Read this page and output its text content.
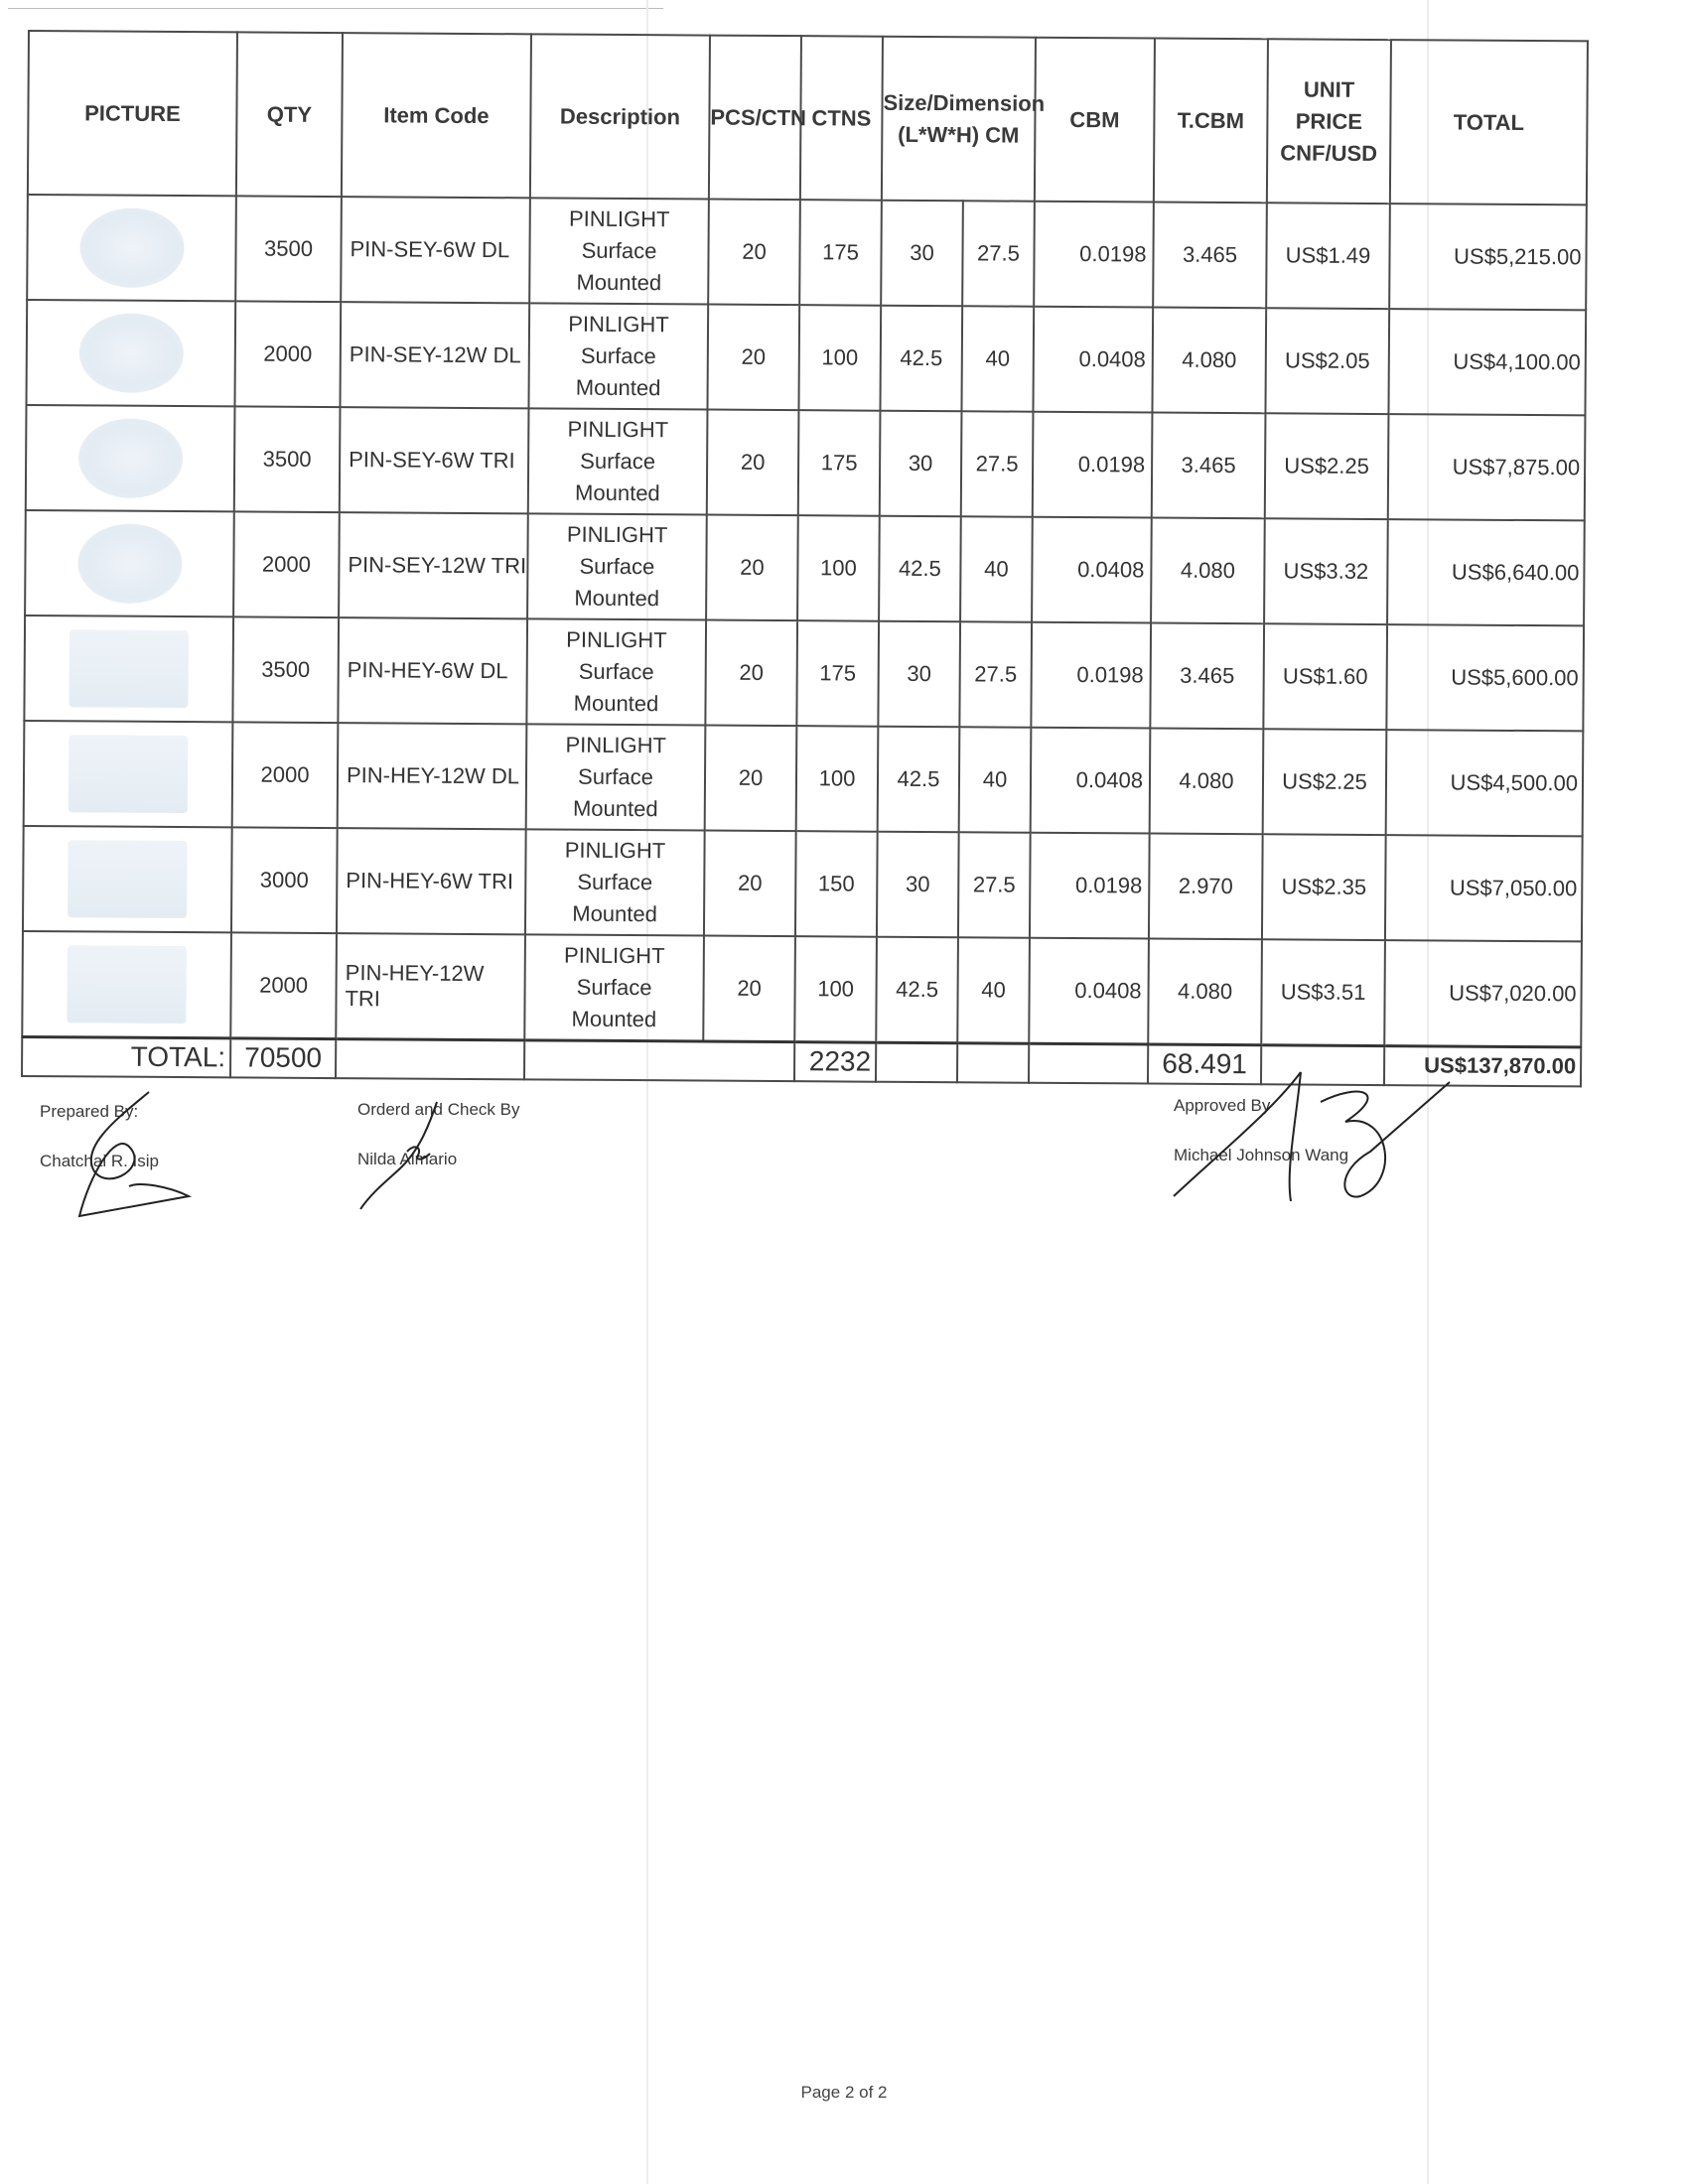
PICTURE	QTY	Item Code	Description	PCS/CTN	CTNS	Size/Dimension (L*W*H) CM		CBM	T.CBM	UNIT PRICE CNF/USD	TOTAL

	3500	PIN-SEY-6W DL	PINLIGHT
Surface
Mounted	20	175	30	27.5	0.0198	3.465	US$1.49	US$5,215.00

	2000	PIN-SEY-12W DL	PINLIGHT
Surface
Mounted	20	100	42.5	40	0.0408	4.080	US$2.05	US$4,100.00

	3500	PIN-SEY-6W TRI	PINLIGHT
Surface
Mounted	20	175	30	27.5	0.0198	3.465	US$2.25	US$7,875.00

	2000	PIN-SEY-12W TRI	PINLIGHT
Surface
Mounted	20	100	42.5	40	0.0408	4.080	US$3.32	US$6,640.00

	3500	PIN-HEY-6W DL	PINLIGHT
Surface
Mounted	20	175	30	27.5	0.0198	3.465	US$1.60	US$5,600.00

	2000	PIN-HEY-12W DL	PINLIGHT
Surface
Mounted	20	100	42.5	40	0.0408	4.080	US$2.25	US$4,500.00

	3000	PIN-HEY-6W TRI	PINLIGHT
Surface
Mounted	20	150	30	27.5	0.0198	2.970	US$2.35	US$7,050.00

	2000	PIN-HEY-12W TRI	PINLIGHT
Surface
Mounted	20	100	42.5	40	0.0408	4.080	US$3.51	US$7,020.00
TOTAL:	70500				2232				68.491		US$137,870.00
Prepared By:
Chatchai R. Isip
Orderd and Check By
Nilda Almario
Approved By
Michael Johnson Wang
Page 2 of 2
